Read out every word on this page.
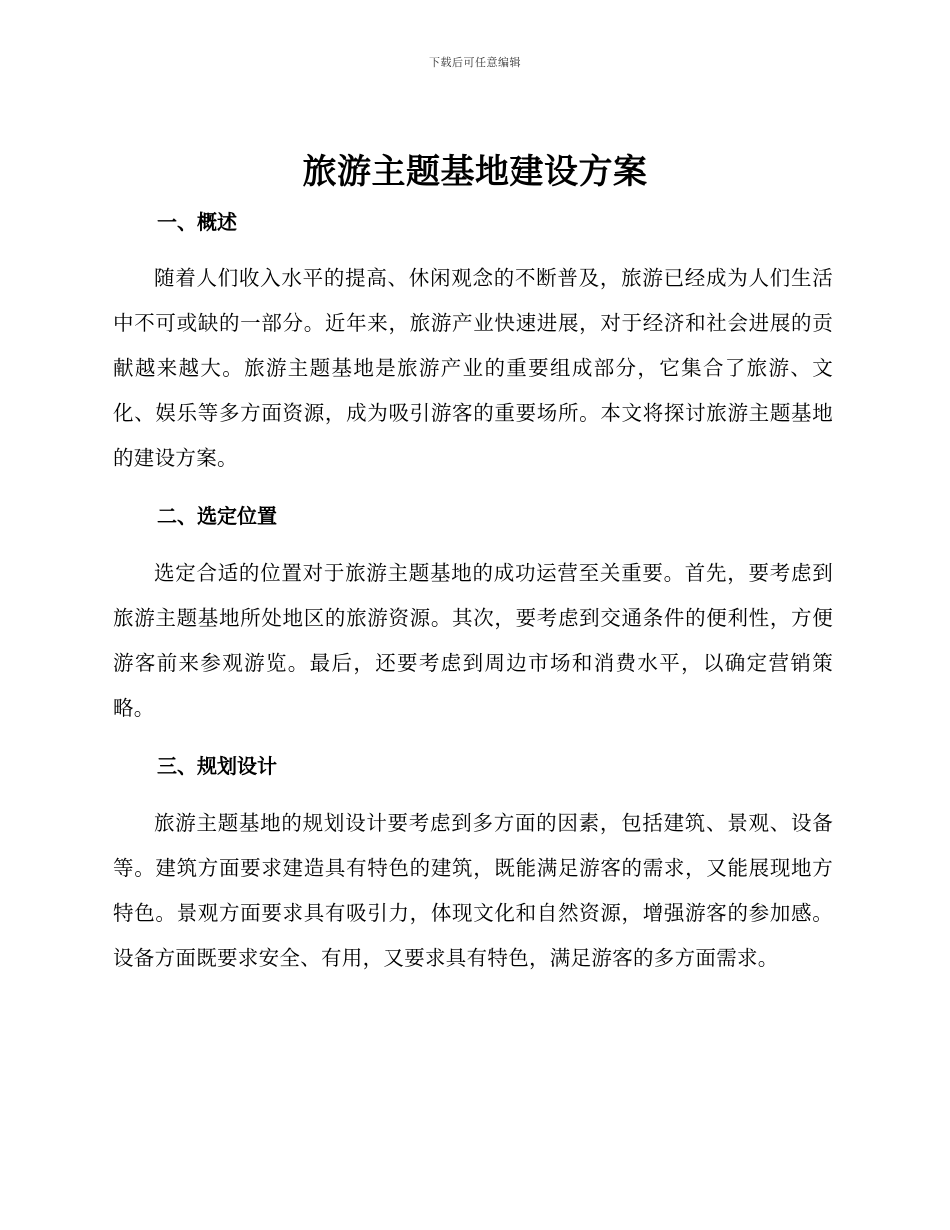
下载后可任意编辑
旅游主题基地建设方案
一、概述

随着人们收入水平的提高、休闲观念的不断普及，旅游已经成为人们生活中不可或缺的一部分。近年来，旅游产业快速进展，对于经济和社会进展的贡献越来越大。旅游主题基地是旅游产业的重要组成部分，它集合了旅游、文化、娱乐等多方面资源，成为吸引游客的重要场所。本文将探讨旅游主题基地的建设方案。

二、选定位置

选定合适的位置对于旅游主题基地的成功运营至关重要。首先，要考虑到旅游主题基地所处地区的旅游资源。其次，要考虑到交通条件的便利性，方便游客前来参观游览。最后，还要考虑到周边市场和消费水平，以确定营销策略。

三、规划设计

旅游主题基地的规划设计要考虑到多方面的因素，包括建筑、景观、设备等。建筑方面要求建造具有特色的建筑，既能满足游客的需求，又能展现地方特色。景观方面要求具有吸引力，体现文化和自然资源，增强游客的参加感。设备方面既要求安全、有用，又要求具有特色，满足游客的多方面需求。
